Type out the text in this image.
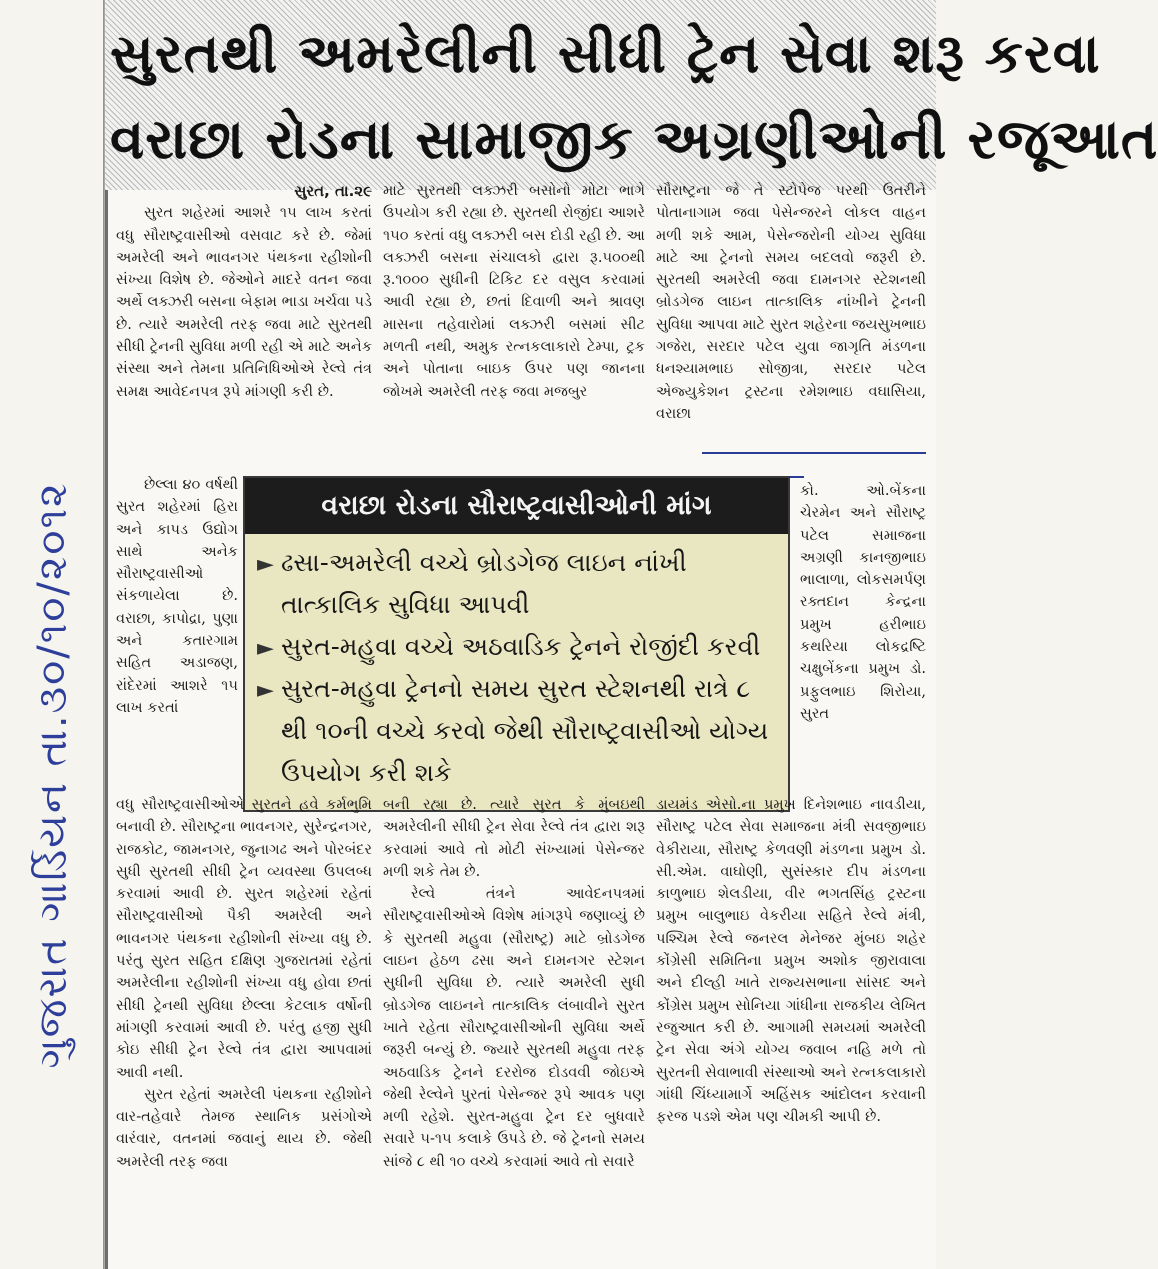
ગુજરાત ગાર્ડિયન તા.૩૦/૧૦/૨૦૧૨
સુરતથી અમરેલીની સીધી ટ્રેન સેવા શરૂ કરવા
વરાછા રોડના સામાજીક અગ્રણીઓની રજૂઆત
સુરત, તા.૨૯

સુરત શહેરમાં આશરે ૧૫ લાખ કરતાં વધુ સૌરાષ્ટ્રવાસીઓ વસવાટ કરે છે. જેમાં અમરેલી અને ભાવનગર પંથકના રહીશોની સંખ્યા વિશેષ છે. જેઓને માદરે વતન જવા અર્થે લક્ઝરી બસના બેફામ ભાડા ખર્ચવા પડે છે. ત્યારે અમરેલી તરફ જવા માટે સુરતથી સીધી ટ્રેનની સુવિધા મળી રહી એ માટે અનેક સંસ્થા અને તેમના પ્રતિનિધિઓએ રેલ્વે તંત્ર સમક્ષ આવેદનપત્ર રૂપે માંગણી કરી છે.

છેલ્લા ૪૦ વર્ષથી સુરત શહેરમાં હિરા અને કાપડ ઉદ્યોગ સાથે અનેક સૌરાષ્ટ્રવાસીઓ સંકળાયેલા છે. વરાછા, કાપોદ્રા, પુણા અને કતારગામ સહિત અડાજણ, રાંદેરમાં આશરે ૧૫ લાખ કરતાં

માટે સુરતથી લક્ઝરી બસોનો મોટા ભાગે ઉપયોગ કરી રહ્યા છે. સુરતથી રોજીંદા આશરે ૧૫૦ કરતાં વધુ લક્ઝરી બસ દોડી રહી છે. આ લક્ઝરી બસના સંચાલકો દ્વારા રૂ.૫૦૦થી રૂ.૧૦૦૦ સુધીની ટિકિટ દર વસુલ કરવામાં આવી રહ્યા છે, છતાં દિવાળી અને શ્રાવણ માસના તહેવારોમાં લક્ઝરી બસમાં સીટ મળતી નથી, અમુક રત્નકલાકારો ટેમ્પા, ટ્રક અને પોતાના બાઇક ઉપર પણ જાનના જોખમે અમરેલી તરફ જવા મજબુર

સૌરાષ્ટ્રના જે તે સ્ટોપેજ પરથી ઉતરીને પોતાનાગામ જવા પેસેન્જરને લોકલ વાહન મળી શકે આમ, પેસેન્જરોની યોગ્ય સુવિધા માટે આ ટ્રેનનો સમય બદલવો જરૂરી છે. સુરતથી અમરેલી જવા દામનગર સ્ટેશનથી બ્રોડગેજ લાઇન તાત્કાલિક નાંખીને ટ્રેનની સુવિધા આપવા માટે સુરત શહેરના જયસુખભાઇ ગજેરા, સરદાર પટેલ યુવા જાગૃતિ મંડળના ધનશ્યામભાઇ સોજીત્રા, સરદાર પટેલ એજ્યુકેશન ટ્રસ્ટના રમેશભાઇ વઘાસિયા, વરાછા

કો. ઓ.બેંકના ચેરમેન અને સૌરાષ્ટ્ર પટેલ સમાજના અગ્રણી કાનજીભાઇ ભાલાળા, લોકસમર્પણ રક્તદાન કેન્દ્રના પ્રમુખ હરીભાઇ કથરિયા લોકદ્રષ્ટિ ચક્ષુબેંકના પ્રમુખ ડો. પ્રફુલભાઇ શિરોયા, સુરત

વરાછા રોડના સૌરાષ્ટ્રવાસીઓની માંગ
► ઢસા-અમરેલી વચ્ચે બ્રોડગેજ લાઇન નાંખી તાત્કાલિક સુવિધા આપવી
► સુરત-મહુવા વચ્ચે અઠવાડિક ટ્રેનને રોજીંદી કરવી
► સુરત-મહુવા ટ્રેનનો સમય સુરત સ્ટેશનથી રાત્રે ૮ થી ૧૦ની વચ્ચે કરવો જેથી સૌરાષ્ટ્રવાસીઓ યોગ્ય ઉપયોગ કરી શકે

વધુ સૌરાષ્ટ્રવાસીઓએ સુરતને હવે કર્મભુમિ બનાવી છે. સૌરાષ્ટ્રના ભાવનગર, સુરેન્દ્રનગર, રાજકોટ, જામનગર, જુનાગઢ અને પોરબંદર સુધી સુરતથી સીધી ટ્રેન વ્યવસ્થા ઉપલબ્ધ કરવામાં આવી છે. સુરત શહેરમાં રહેતાં સૌરાષ્ટ્રવાસીઓ પૈકી અમરેલી અને ભાવનગર પંથકના રહીશોની સંખ્યા વધુ છે. પરંતુ સુરત સહિત દક્ષિણ ગુજરાતમાં રહેતાં અમરેલીના રહીશોની સંખ્યા વધુ હોવા છતાં સીધી ટ્રેનથી સુવિધા છેલ્લા કેટલાક વર્ષોની માંગણી કરવામાં આવી છે. પરંતુ હજી સુધી કોઇ સીધી ટ્રેન રેલ્વે તંત્ર દ્વારા આપવામાં આવી નથી.

સુરત રહેતાં અમરેલી પંથકના રહીશોને વાર-તહેવારે તેમજ સ્થાનિક પ્રસંગોએ વારંવાર, વતનમાં જવાનું થાય છે. જેથી અમરેલી તરફ જવા

બની રહ્યા છે. ત્યારે સુરત કે મુંબઇથી અમરેલીની સીધી ટ્રેન સેવા રેલ્વે તંત્ર દ્વારા શરૂ કરવામાં આવે તો મોટી સંખ્યામાં પેસેન્જર મળી શકે તેમ છે.

રેલ્વે તંત્રને આવેદનપત્રમાં સૌરાષ્ટ્રવાસીઓએ વિશેષ માંગરૂપે જણાવ્યું છે કે સુરતથી મહુવા (સૌરાષ્ટ્ર) માટે બ્રોડગેજ લાઇન હેઠળ ઢસા અને દામનગર સ્ટેશન સુધીની સુવિધા છે. ત્યારે અમરેલી સુધી બ્રોડગેજ લાઇનને તાત્કાલિક લંબાવીને સુરત ખાતે રહેતા સૌરાષ્ટ્રવાસીઓની સુવિધા અર્થે જરૂરી બન્યું છે. જ્યારે સુરતથી મહુવા તરફ અઠવાડિક ટ્રેનને દરરોજ દોડવવી જોઇએ જેથી રેલ્વેને પુરતાં પેસેન્જર રૂપે આવક પણ મળી રહેશે. સુરત-મહુવા ટ્રેન દર બુધવારે સવારે ૫-૧૫ કલાકે ઉપડે છે. જે ટ્રેનનો સમય સાંજે ૮ થી ૧૦ વચ્ચે કરવામાં આવે તો સવારે

ડાયમંડ એસો.ના પ્રમુખ દિનેશભાઇ નાવડીયા, સૌરાષ્ટ્ર પટેલ સેવા સમાજના મંત્રી સવજીભાઇ વેકીરાયા, સૌરાષ્ટ્ર કેળવણી મંડળના પ્રમુખ ડો. સી.એમ. વાઘોણી, સુસંસ્કાર દીપ મંડળના કાળુભાઇ શેલડીયા, વીર ભગતસિંહ ટ્રસ્ટના પ્રમુખ બાલુભાઇ વેકરીયા સહિતે રેલ્વે મંત્રી, પશ્ચિમ રેલ્વે જનરલ મેનેજર મુંબઇ શહેર કોંગ્રેસી સમિતિના પ્રમુખ અશોક જીરાવાલા અને દીલ્હી ખાતે રાજ્યસભાના સાંસદ અને કોંગ્રેસ પ્રમુખ સોનિયા ગાંધીના રાજકીય લેખિત રજુઆત કરી છે. આગામી સમયમાં અમરેલી ટ્રેન સેવા અંગે યોગ્ય જવાબ નહિ મળે તો સુરતની સેવાભાવી સંસ્થાઓ અને રત્નકલાકારો ગાંધી ચિંધ્યામાર્ગે અહિંસક આંદોલન કરવાની ફરજ પડશે એમ પણ ચીમકી આપી છે.
